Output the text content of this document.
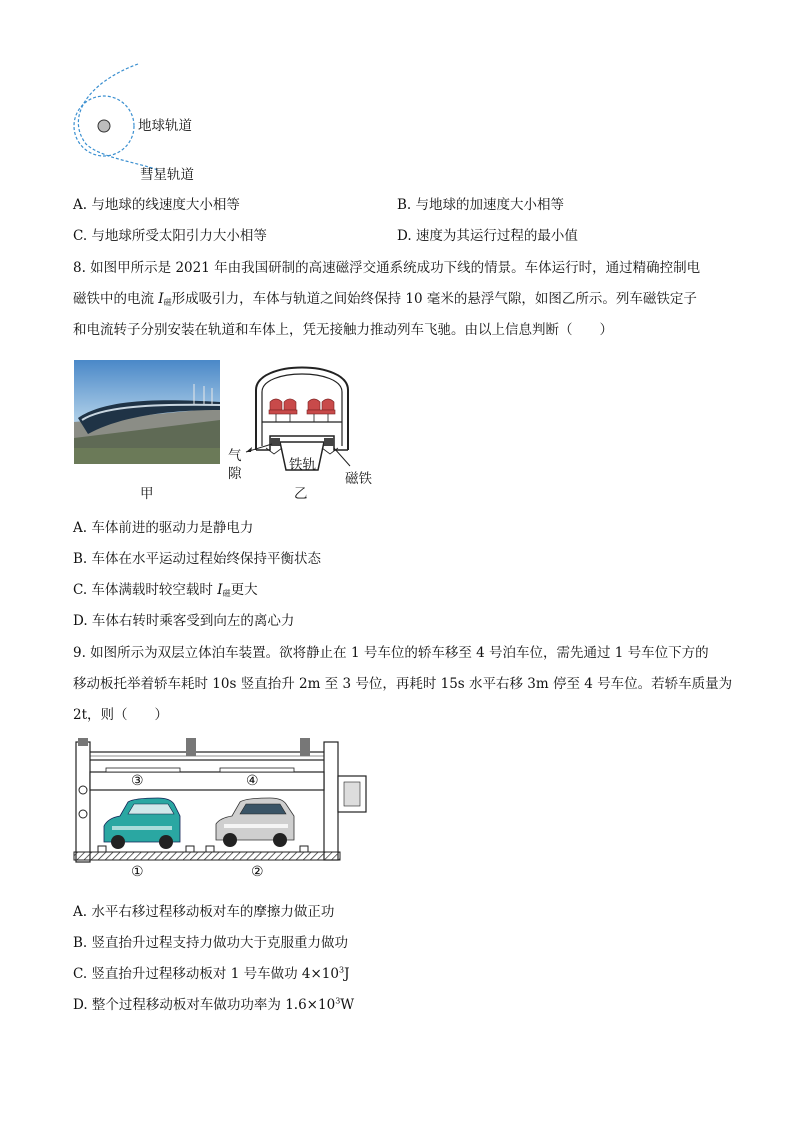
地球轨道
彗星轨道
A. 与地球的线速度大小相等	B. 与地球的加速度大小相等
C. 与地球所受太阳引力大小相等	D. 速度为其运行过程的最小值
8. 如图甲所示是 2021 年由我国研制的高速磁浮交通系统成功下线的情景。车体运行时，通过精确控制电
磁铁中的电流 $I_磁$形成吸引力，车体与轨道之间始终保持 10 毫米的悬浮气隙，如图乙所示。列车磁铁定子
和电流转子分别安装在轨道和车体上，凭无接触力推动列车飞驰。由以上信息判断（　　）
甲
气
隙
铁轨
磁铁
乙
A. 车体前进的驱动力是静电力
B. 车体在水平运动过程始终保持平衡状态
C. 车体满载时较空载时 $I_磁$更大
D. 车体右转时乘客受到向左的离心力
9. 如图所示为双层立体泊车装置。欲将静止在 1 号车位的轿车移至 4 号泊车位，需先通过 1 号车位下方的
移动板托举着轿车耗时 10s 竖直抬升 2m 至 3 号位，再耗时 15s 水平右移 3m 停至 4 号车位。若轿车质量为
2t，则（　　）
③	④
①	②
A. 水平右移过程移动板对车的摩擦力做正功
B. 竖直抬升过程支持力做功大于克服重力做功
C. 竖直抬升过程移动板对 1 号车做功 $4\times 10^3J$
D. 整个过程移动板对车做功功率为 $1.6\times 10^3W$
